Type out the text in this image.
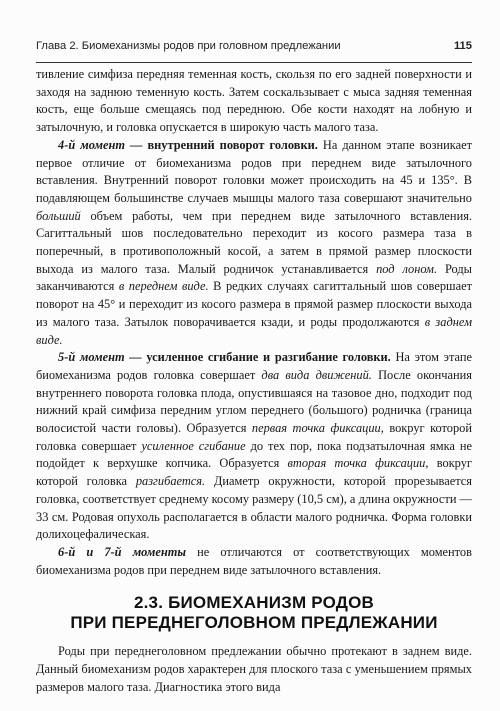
Глава 2. Биомеханизмы родов при головном предлежании	115

тивление симфиза передняя теменная кость, скользя по его задней поверхности и заходя на заднюю теменную кость. Затем соскальзывает с мыса задняя теменная кость, еще больше смещаясь под переднюю. Обе кости находят на лобную и затылочную, и головка опускается в широкую часть малого таза.

4-й момент — внутренний поворот головки. На данном этапе возникает первое отличие от биомеханизма родов при переднем виде затылочного вставления. Внутренний поворот головки может происходить на 45 и 135°. В подавляющем большинстве случаев мышцы малого таза совершают значительно больший объем работы, чем при переднем виде затылочного вставления. Сагиттальный шов последовательно переходит из косого размера таза в поперечный, в противоположный косой, а затем в прямой размер плоскости выхода из малого таза. Малый родничок устанавливается под лоном. Роды заканчиваются в переднем виде. В редких случаях сагиттальный шов совершает поворот на 45° и переходит из косого размера в прямой размер плоскости выхода из малого таза. Затылок поворачивается кзади, и роды продолжаются в заднем виде.

5-й момент — усиленное сгибание и разгибание головки. На этом этапе биомеханизма родов головка совершает два вида движений. После окончания внутреннего поворота головка плода, опустившаяся на тазовое дно, подходит под нижний край симфиза передним углом переднего (большого) родничка (граница волосистой части головы). Образуется первая точка фиксации, вокруг которой головка совершает усиленное сгибание до тех пор, пока подзатылочная ямка не подойдет к верхушке копчика. Образуется вторая точка фиксации, вокруг которой головка разгибается. Диаметр окружности, которой прорезывается головка, соответствует среднему косому размеру (10,5 см), а длина окружности — 33 см. Родовая опухоль располагается в области малого родничка. Форма головки долихоцефалическая.

6-й и 7-й моменты не отличаются от соответствующих моментов биомеханизма родов при переднем виде затылочного вставления.

2.3. БИОМЕХАНИЗМ РОДОВ
ПРИ ПЕРЕДНЕГОЛОВНОМ ПРЕДЛЕЖАНИИ

Роды при переднеголовном предлежании обычно протекают в заднем виде. Данный биомеханизм родов характерен для плоского таза с уменьшением прямых размеров малого таза. Диагностика этого вида
